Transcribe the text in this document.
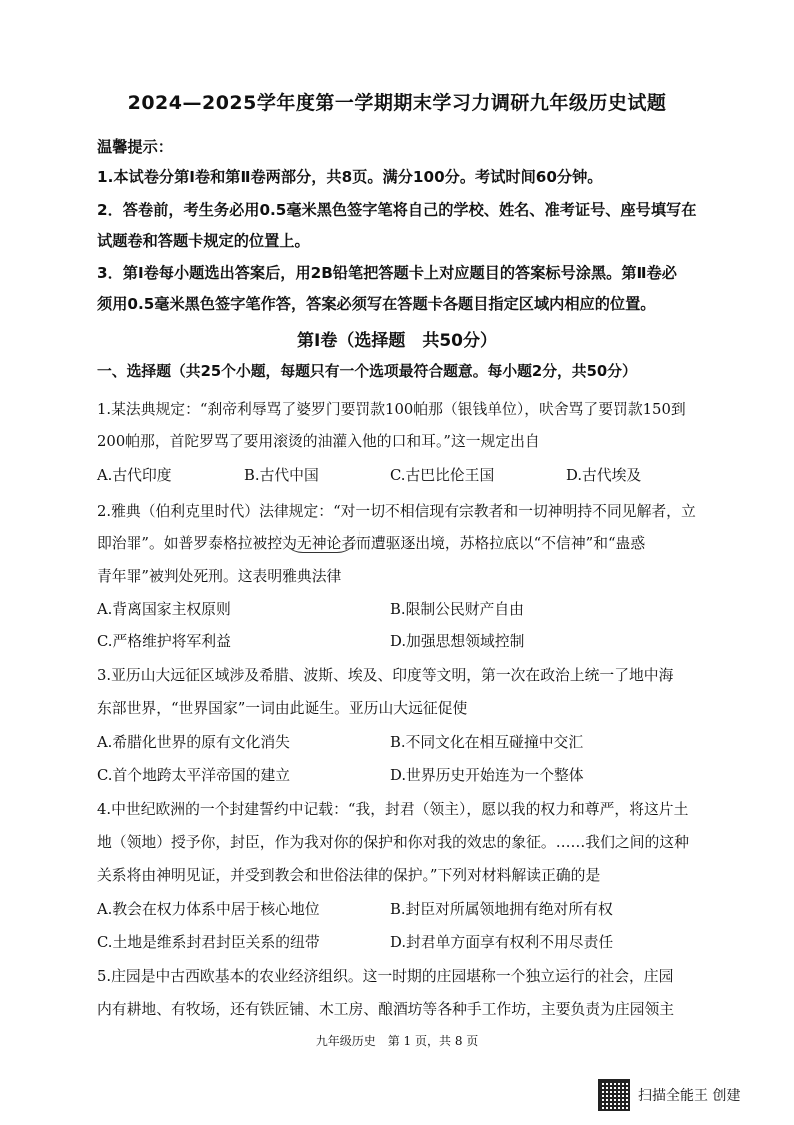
2024—2025学年度第一学期期末学习力调研九年级历史试题
温馨提示：
1.本试卷分第Ⅰ卷和第Ⅱ卷两部分，共8页。满分100分。考试时间60分钟。
2．答卷前，考生务必用0.5毫米黑色签字笔将自己的学校、姓名、准考证号、座号填写在
试题卷和答题卡规定的位置上。
3．第Ⅰ卷每小题选出答案后，用2B铅笔把答题卡上对应题目的答案标号涂黑。第Ⅱ卷必
须用0.5毫米黑色签字笔作答，答案必须写在答题卡各题目指定区域内相应的位置。
第Ⅰ卷（选择题　共50分）
一、选择题（共25个小题，每题只有一个选项最符合题意。每小题2分，共50分）
1.某法典规定：“刹帝利辱骂了婆罗门要罚款100帕那（银钱单位），吠舍骂了要罚款150到
200帕那，首陀罗骂了要用滚烫的油灌入他的口和耳。”这一规定出自
A.古代印度	B.古代中国	C.古巴比伦王国	D.古代埃及
2.雅典（伯利克里时代）法律规定：“对一切不相信现有宗教者和一切神明持不同见解者，立
即治罪”。如普罗泰格拉被控为无神论者而遭驱逐出境，苏格拉底以“不信神”和“蛊惑
青年罪”被判处死刑。这表明雅典法律
A.背离国家主权原则	B.限制公民财产自由
C.严格维护将军利益	D.加强思想领域控制
3.亚历山大远征区域涉及希腊、波斯、埃及、印度等文明，第一次在政治上统一了地中海
东部世界，“世界国家”一词由此诞生。亚历山大远征促使
A.希腊化世界的原有文化消失	B.不同文化在相互碰撞中交汇
C.首个地跨太平洋帝国的建立	D.世界历史开始连为一个整体
4.中世纪欧洲的一个封建誓约中记载：“我，封君（领主），愿以我的权力和尊严，将这片土
地（领地）授予你，封臣，作为我对你的保护和你对我的效忠的象征。……我们之间的这种
关系将由神明见证，并受到教会和世俗法律的保护。”下列对材料解读正确的是
A.教会在权力体系中居于核心地位	B.封臣对所属领地拥有绝对所有权
C.土地是维系封君封臣关系的纽带	D.封君单方面享有权利不用尽责任
5.庄园是中古西欧基本的农业经济组织。这一时期的庄园堪称一个独立运行的社会，庄园
内有耕地、有牧场，还有铁匠铺、木工房、酿酒坊等各种手工作坊，主要负责为庄园领主
九年级历史　第 1 页，共 8 页
扫描全能王 创建
